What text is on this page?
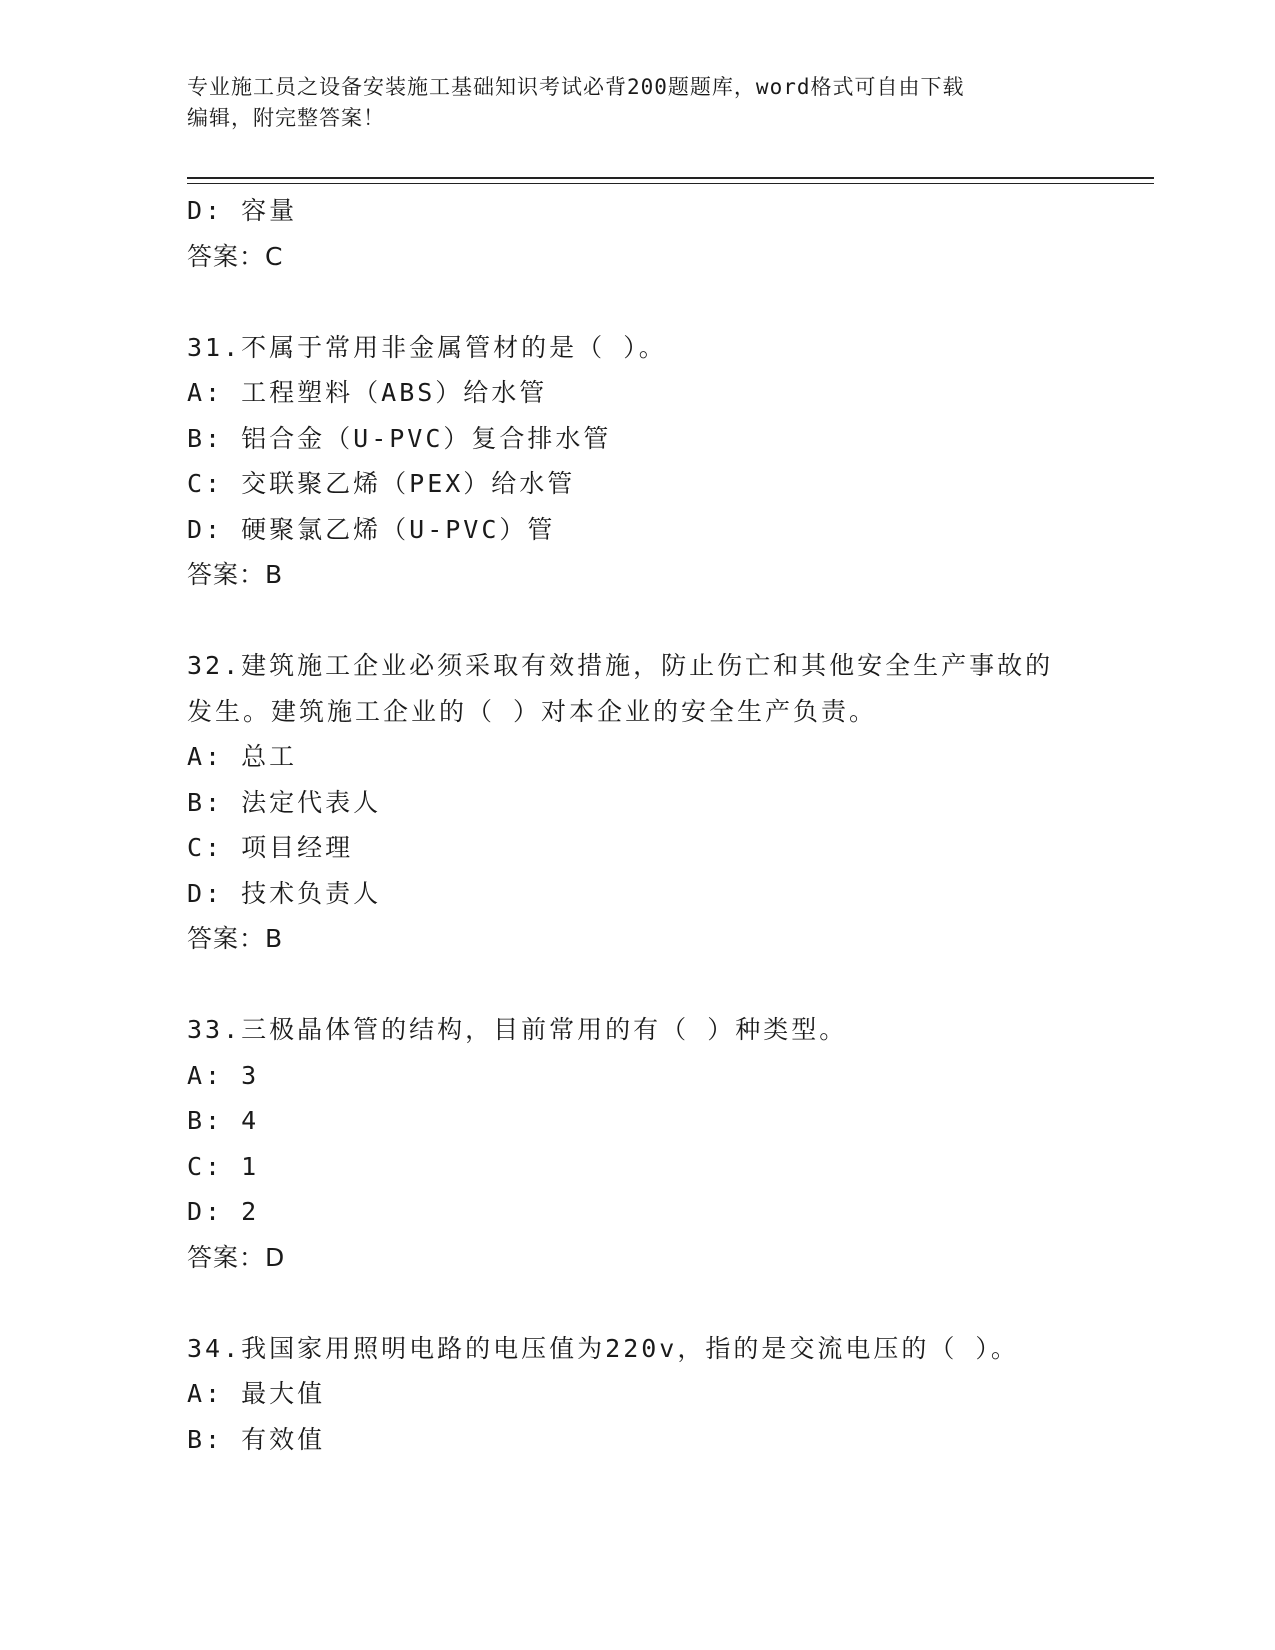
专业施工员之设备安装施工基础知识考试必背200题题库，word格式可自由下载
编辑，附完整答案！
D: 容量
答案：C
31.不属于常用非金属管材的是（ ）。
A: 工程塑料（ABS）给水管
B: 铝合金（U-PVC）复合排水管
C: 交联聚乙烯（PEX）给水管
D: 硬聚氯乙烯（U-PVC）管
答案：B
32.建筑施工企业必须采取有效措施，防止伤亡和其他安全生产事故的
发生。建筑施工企业的（ ）对本企业的安全生产负责。
A: 总工
B: 法定代表人
C: 项目经理
D: 技术负责人
答案：B
33.三极晶体管的结构，目前常用的有（ ）种类型。
A: 3
B: 4
C: 1
D: 2
答案：D
34.我国家用照明电路的电压值为220v，指的是交流电压的（ ）。
A: 最大值
B: 有效值
